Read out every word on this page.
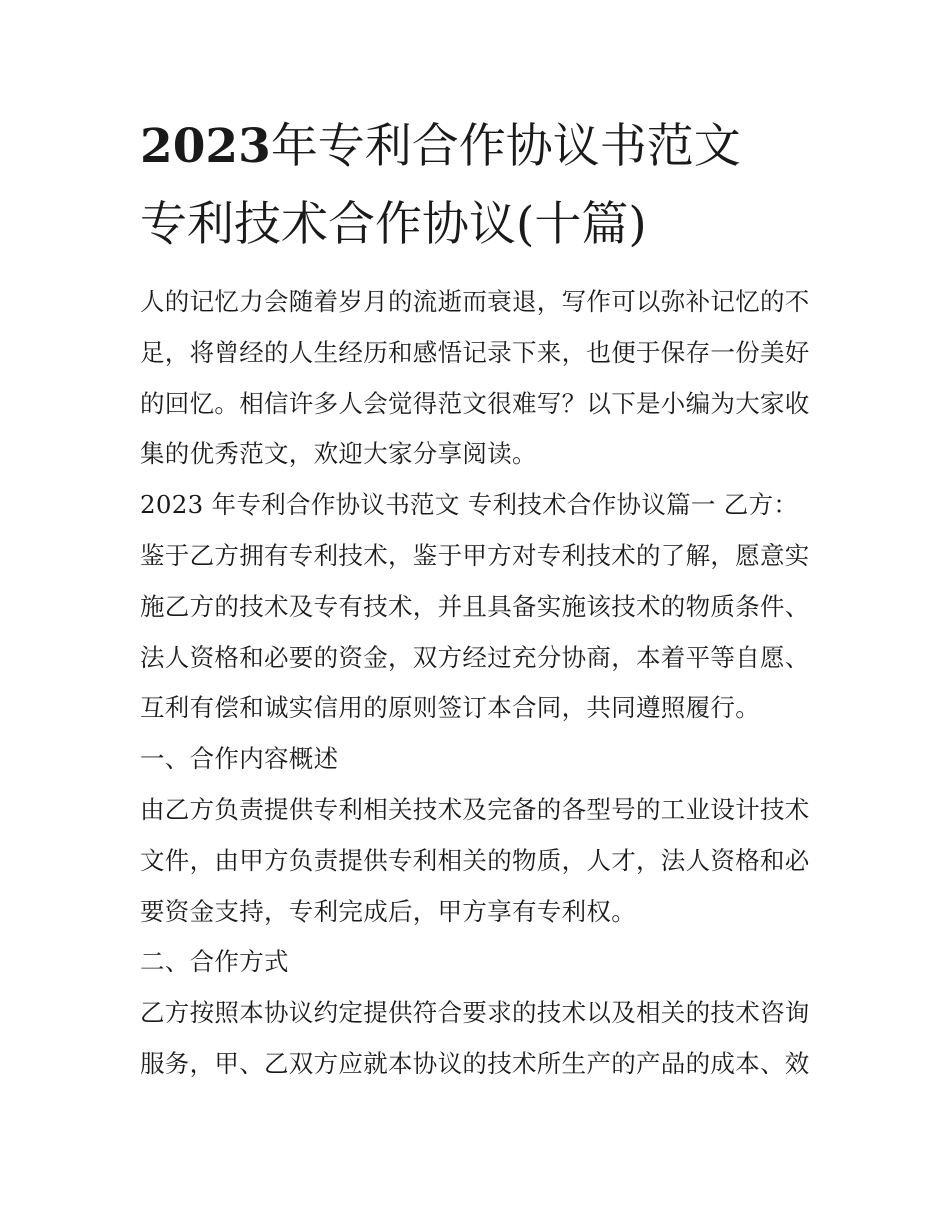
2023年专利合作协议书范文
专利技术合作协议(十篇)
人的记忆力会随着岁月的流逝而衰退，写作可以弥补记忆的不
足，将曾经的人生经历和感悟记录下来，也便于保存一份美好
的回忆。相信许多人会觉得范文很难写？以下是小编为大家收
集的优秀范文，欢迎大家分享阅读。
2023 年专利合作协议书范文 专利技术合作协议篇一 乙方：
鉴于乙方拥有专利技术，鉴于甲方对专利技术的了解，愿意实
施乙方的技术及专有技术，并且具备实施该技术的物质条件、
法人资格和必要的资金，双方经过充分协商，本着平等自愿、
互利有偿和诚实信用的原则签订本合同，共同遵照履行。
一、合作内容概述
由乙方负责提供专利相关技术及完备的各型号的工业设计技术
文件，由甲方负责提供专利相关的物质，人才，法人资格和必
要资金支持，专利完成后，甲方享有专利权。
二、合作方式
乙方按照本协议约定提供符合要求的技术以及相关的技术咨询
服务，甲、乙双方应就本协议的技术所生产的产品的成本、效
